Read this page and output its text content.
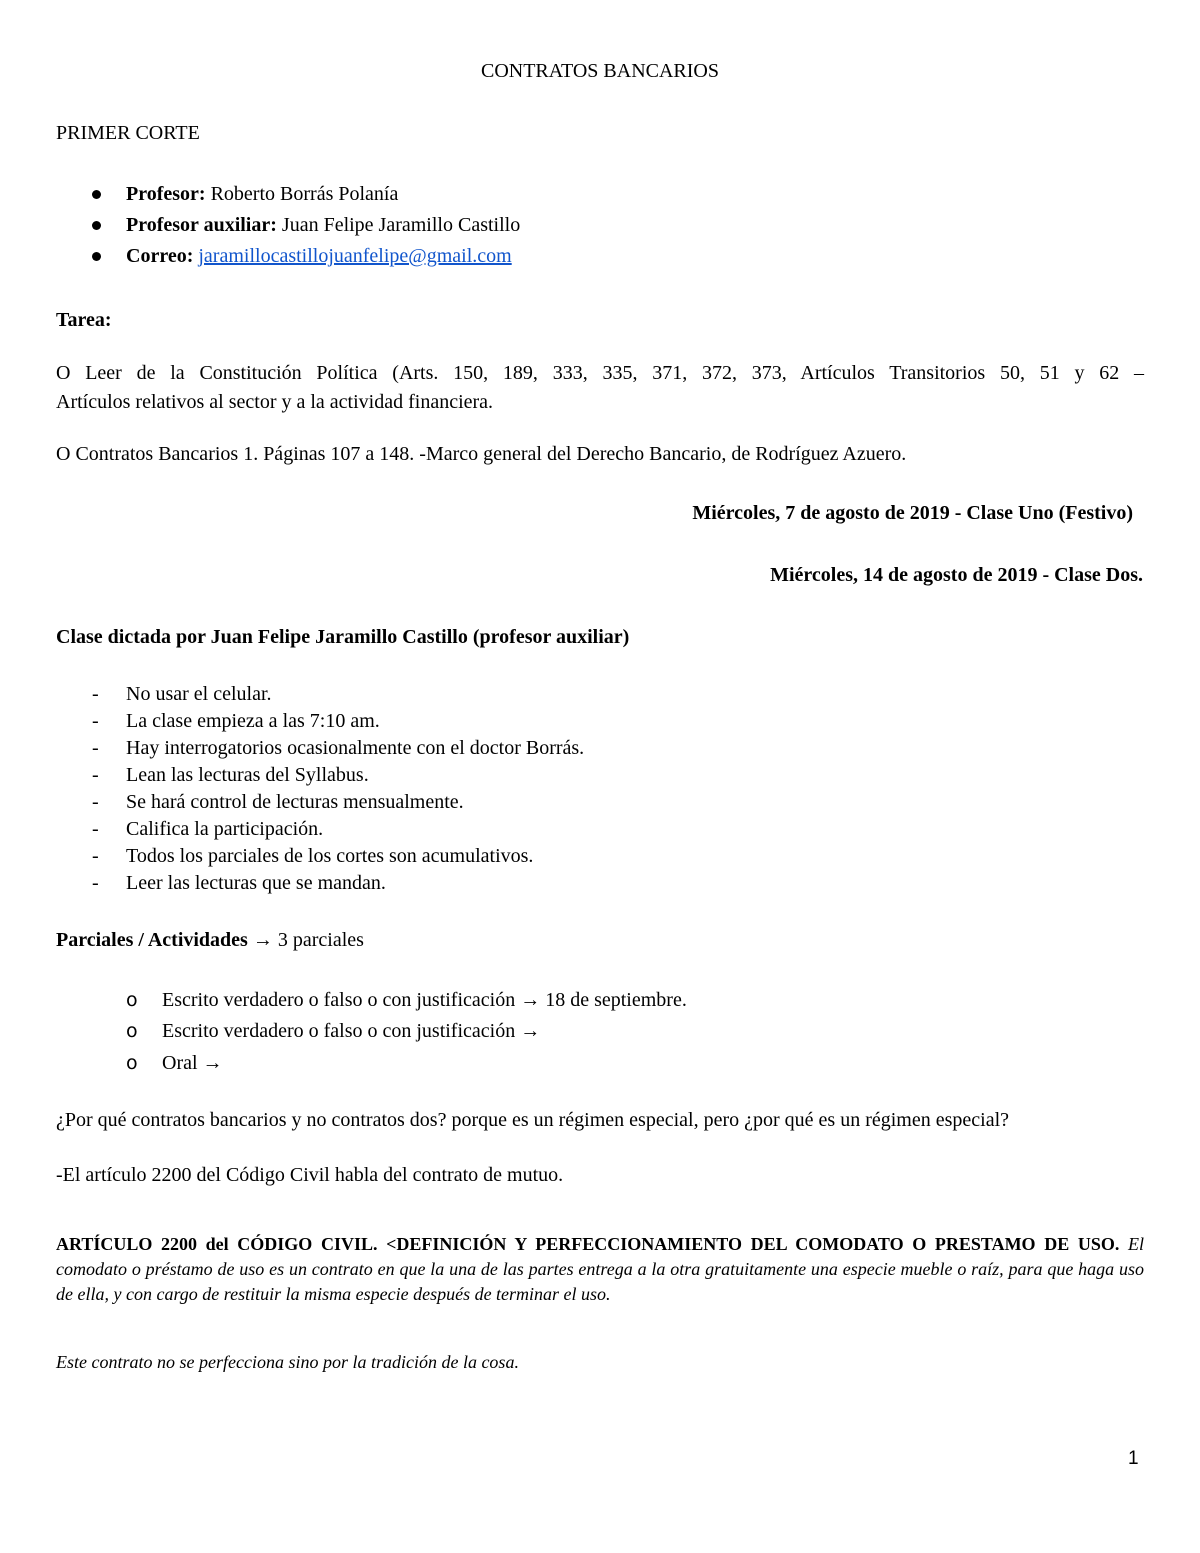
CONTRATOS BANCARIOS
PRIMER CORTE
Profesor: Roberto Borrás Polanía
Profesor auxiliar: Juan Felipe Jaramillo Castillo
Correo: jaramillocastillojuanfelipe@gmail.com
Tarea:
O Leer de la Constitución Política (Arts. 150, 189, 333, 335, 371, 372, 373, Artículos Transitorios 50, 51 y 62 –
Artículos relativos al sector y a la actividad financiera.
O Contratos Bancarios 1. Páginas 107 a 148. -Marco general del Derecho Bancario, de Rodríguez Azuero.
Miércoles, 7 de agosto de 2019 - Clase Uno (Festivo)
Miércoles, 14 de agosto de 2019 - Clase Dos.
Clase dictada por Juan Felipe Jaramillo Castillo (profesor auxiliar)
- No usar el celular.
- La clase empieza a las 7:10 am.
- Hay interrogatorios ocasionalmente con el doctor Borrás.
- Lean las lecturas del Syllabus.
- Se hará control de lecturas mensualmente.
- Califica la participación.
- Todos los parciales de los cortes son acumulativos.
- Leer las lecturas que se mandan.
Parciales / Actividades → 3 parciales
o Escrito verdadero o falso o con justificación → 18 de septiembre.
o Escrito verdadero o falso o con justificación →
o Oral →
¿Por qué contratos bancarios y no contratos dos? porque es un régimen especial, pero ¿por qué es un régimen especial?
-El artículo 2200 del Código Civil habla del contrato de mutuo.
ARTÍCULO 2200 del CÓDIGO CIVIL. <DEFINICIÓN Y PERFECCIONAMIENTO DEL COMODATO O PRESTAMO DE USO. El comodato o préstamo de uso es un contrato en que la una de las partes entrega a la otra gratuitamente una especie mueble o raíz, para que haga uso de ella, y con cargo de restituir la misma especie después de terminar el uso.
Este contrato no se perfecciona sino por la tradición de la cosa.
1
